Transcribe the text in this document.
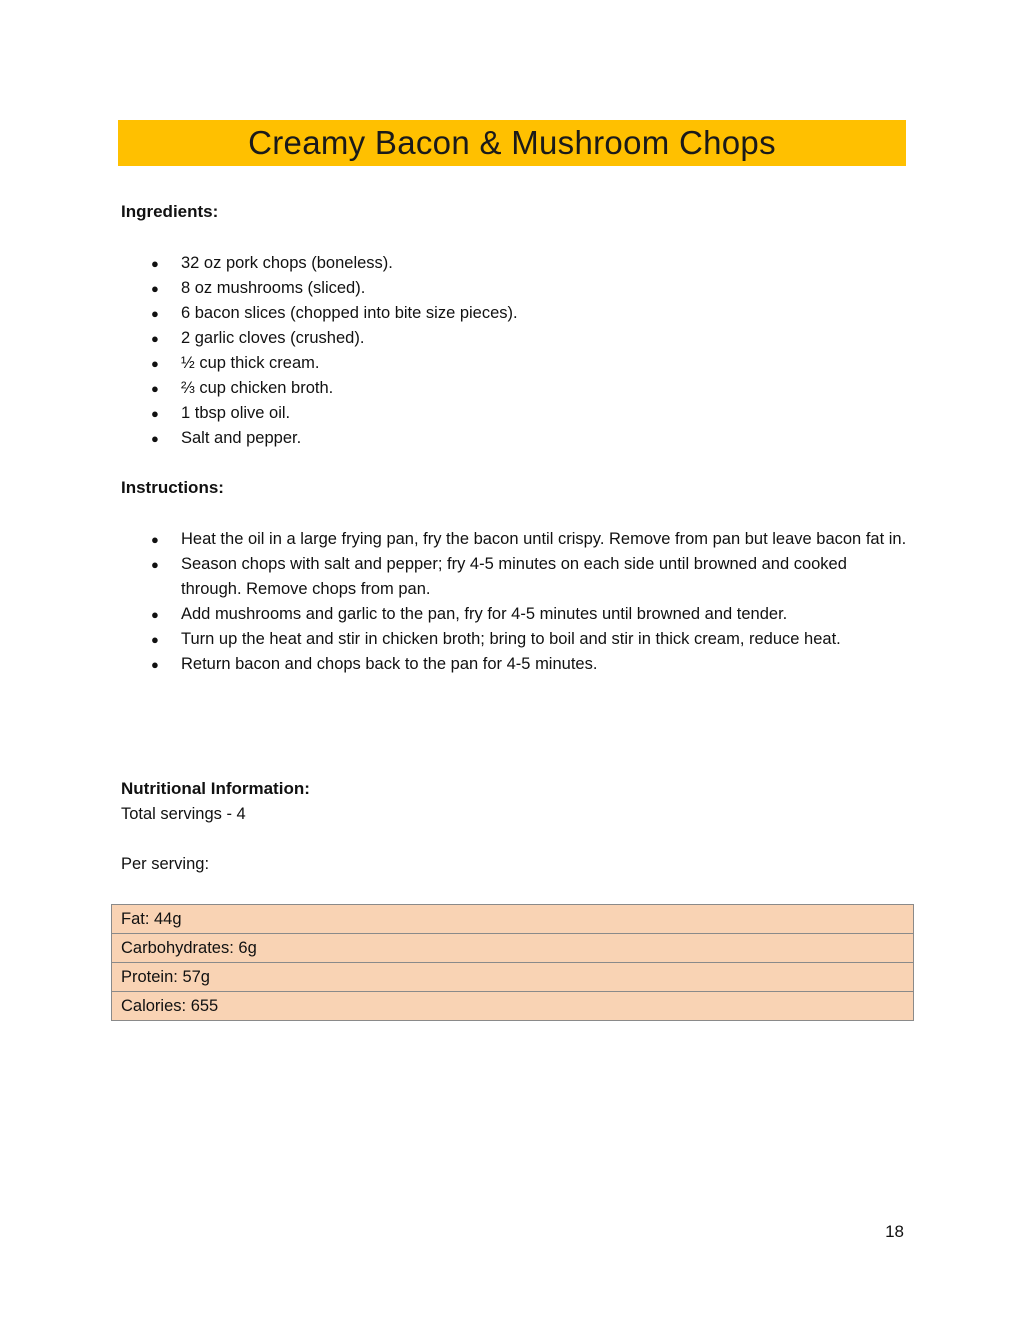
Creamy Bacon & Mushroom Chops
Ingredients:
● 32 oz pork chops (boneless).
● 8 oz mushrooms (sliced).
● 6 bacon slices (chopped into bite size pieces).
● 2 garlic cloves (crushed).
● ½ cup thick cream.
● ⅔ cup chicken broth.
● 1 tbsp olive oil.
● Salt and pepper.
Instructions:
● Heat the oil in a large frying pan, fry the bacon until crispy. Remove from pan but leave bacon fat in.
● Season chops with salt and pepper; fry 4-5 minutes on each side until browned and cooked through. Remove chops from pan.
● Add mushrooms and garlic to the pan, fry for 4-5 minutes until browned and tender.
● Turn up the heat and stir in chicken broth; bring to boil and stir in thick cream, reduce heat.
● Return bacon and chops back to the pan for 4-5 minutes.
Nutritional Information:

Total servings - 4

Per serving:

Fat: 44g
Carbohydrates: 6g
Protein: 57g
Calories: 655
18
